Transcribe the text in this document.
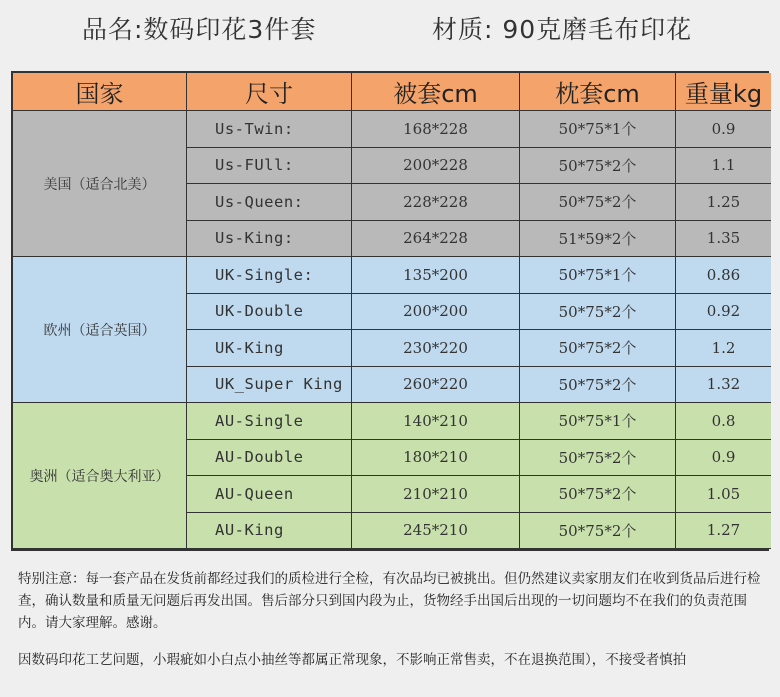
品名:数码印花3件套	材质: 90克磨毛布印花
国家	尺寸	被套cm	枕套cm	重量kg
美国（适合北美）
Us-Twin:	168*228	50*75*1个	0.9
Us-FUll:	200*228	50*75*2个	1.1
Us-Queen:	228*228	50*75*2个	1.25
Us-King:	264*228	51*59*2个	1.35
欧州（适合英国）
UK-Single:	135*200	50*75*1个	0.86
UK-Double	200*200	50*75*2个	0.92
UK-King	230*220	50*75*2个	1.2
UK_Super King	260*220	50*75*2个	1.32
奥洲（适合奥大利亚）
AU-Single	140*210	50*75*1个	0.8
AU-Double	180*210	50*75*2个	0.9
AU-Queen	210*210	50*75*2个	1.05
AU-King	245*210	50*75*2个	1.27

特别注意：每一套产品在发货前都经过我们的质检进行全检，有次品均已被挑出。但仍然建议卖家朋友们在收到货品后进行检查，确认数量和质量无问题后再发出国。售后部分只到国内段为止，货物经手出国后出现的一切问题均不在我们的负责范围内。请大家理解。感谢。

因数码印花工艺问题，小瑕疵如小白点小抽丝等都属正常现象，不影响正常售卖，不在退换范围），不接受者慎拍
